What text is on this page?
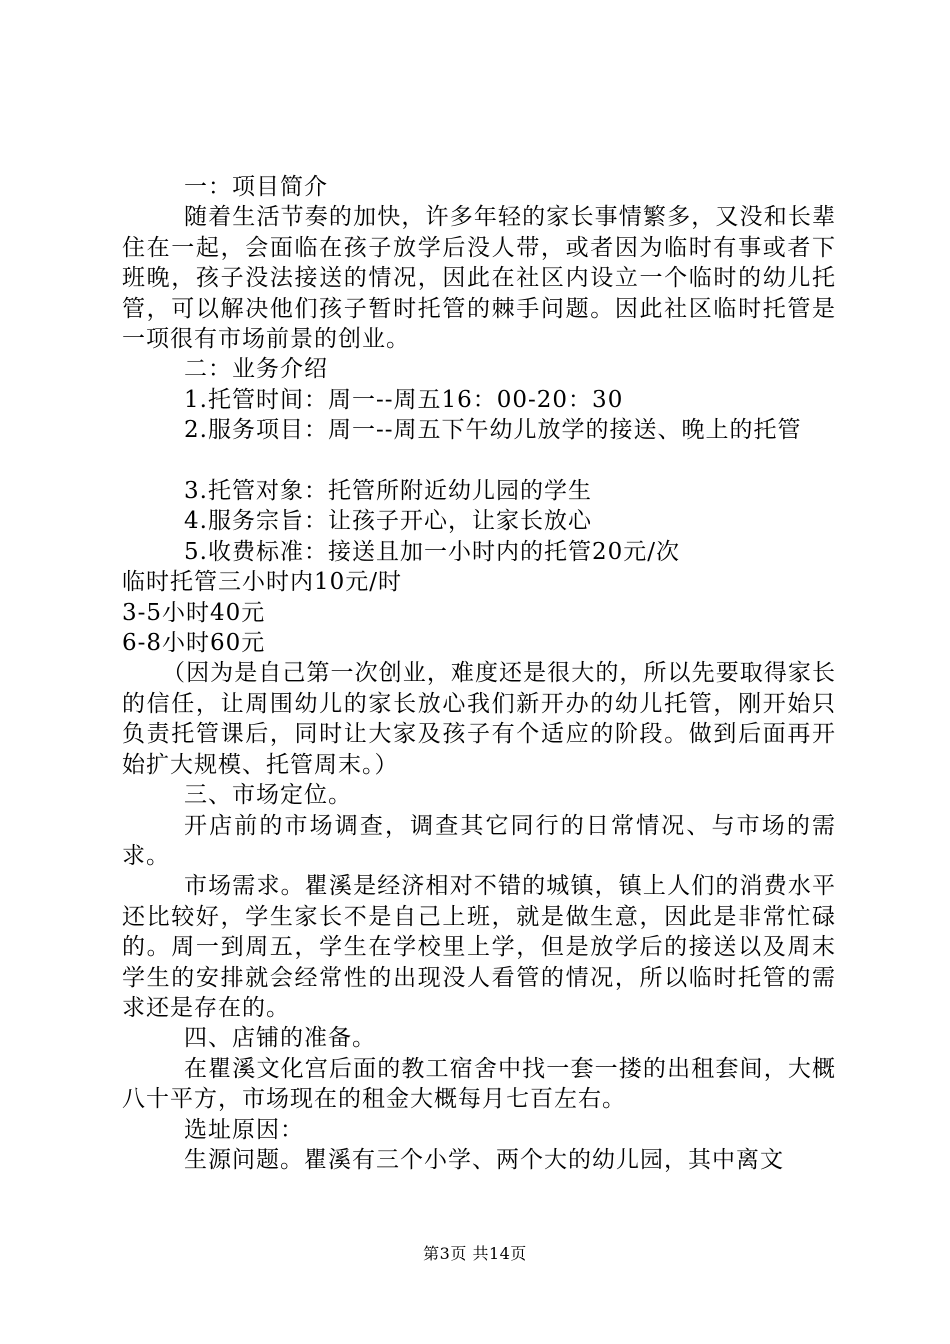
一：项目简介

随着生活节奏的加快，许多年轻的家长事情繁多，又没和长辈住在一起，会面临在孩子放学后没人带，或者因为临时有事或者下班晚，孩子没法接送的情况，因此在社区内设立一个临时的幼儿托管，可以解决他们孩子暂时托管的棘手问题。因此社区临时托管是一项很有市场前景的创业。

二：业务介绍

1.托管时间：周一--周五16：00-20：30

2.服务项目：周一--周五下午幼儿放学的接送、晚上的托管

3.托管对象：托管所附近幼儿园的学生

4.服务宗旨：让孩子开心，让家长放心

5.收费标准：接送且加一小时内的托管20元/次

临时托管三小时内10元/时

3-5小时40元

6-8小时60元

（因为是自己第一次创业，难度还是很大的，所以先要取得家长的信任，让周围幼儿的家长放心我们新开办的幼儿托管，刚开始只负责托管课后，同时让大家及孩子有个适应的阶段。做到后面再开始扩大规模、托管周末。）

三、市场定位。

开店前的市场调查，调查其它同行的日常情况、与市场的需求。

市场需求。瞿溪是经济相对不错的城镇，镇上人们的消费水平还比较好，学生家长不是自己上班，就是做生意，因此是非常忙碌的。周一到周五，学生在学校里上学，但是放学后的接送以及周末学生的安排就会经常性的出现没人看管的情况，所以临时托管的需求还是存在的。

四、店铺的准备。

在瞿溪文化宫后面的教工宿舍中找一套一搂的出租套间，大概八十平方，市场现在的租金大概每月七百左右。

选址原因：

生源问题。瞿溪有三个小学、两个大的幼儿园，其中离文

第3页 共14页
